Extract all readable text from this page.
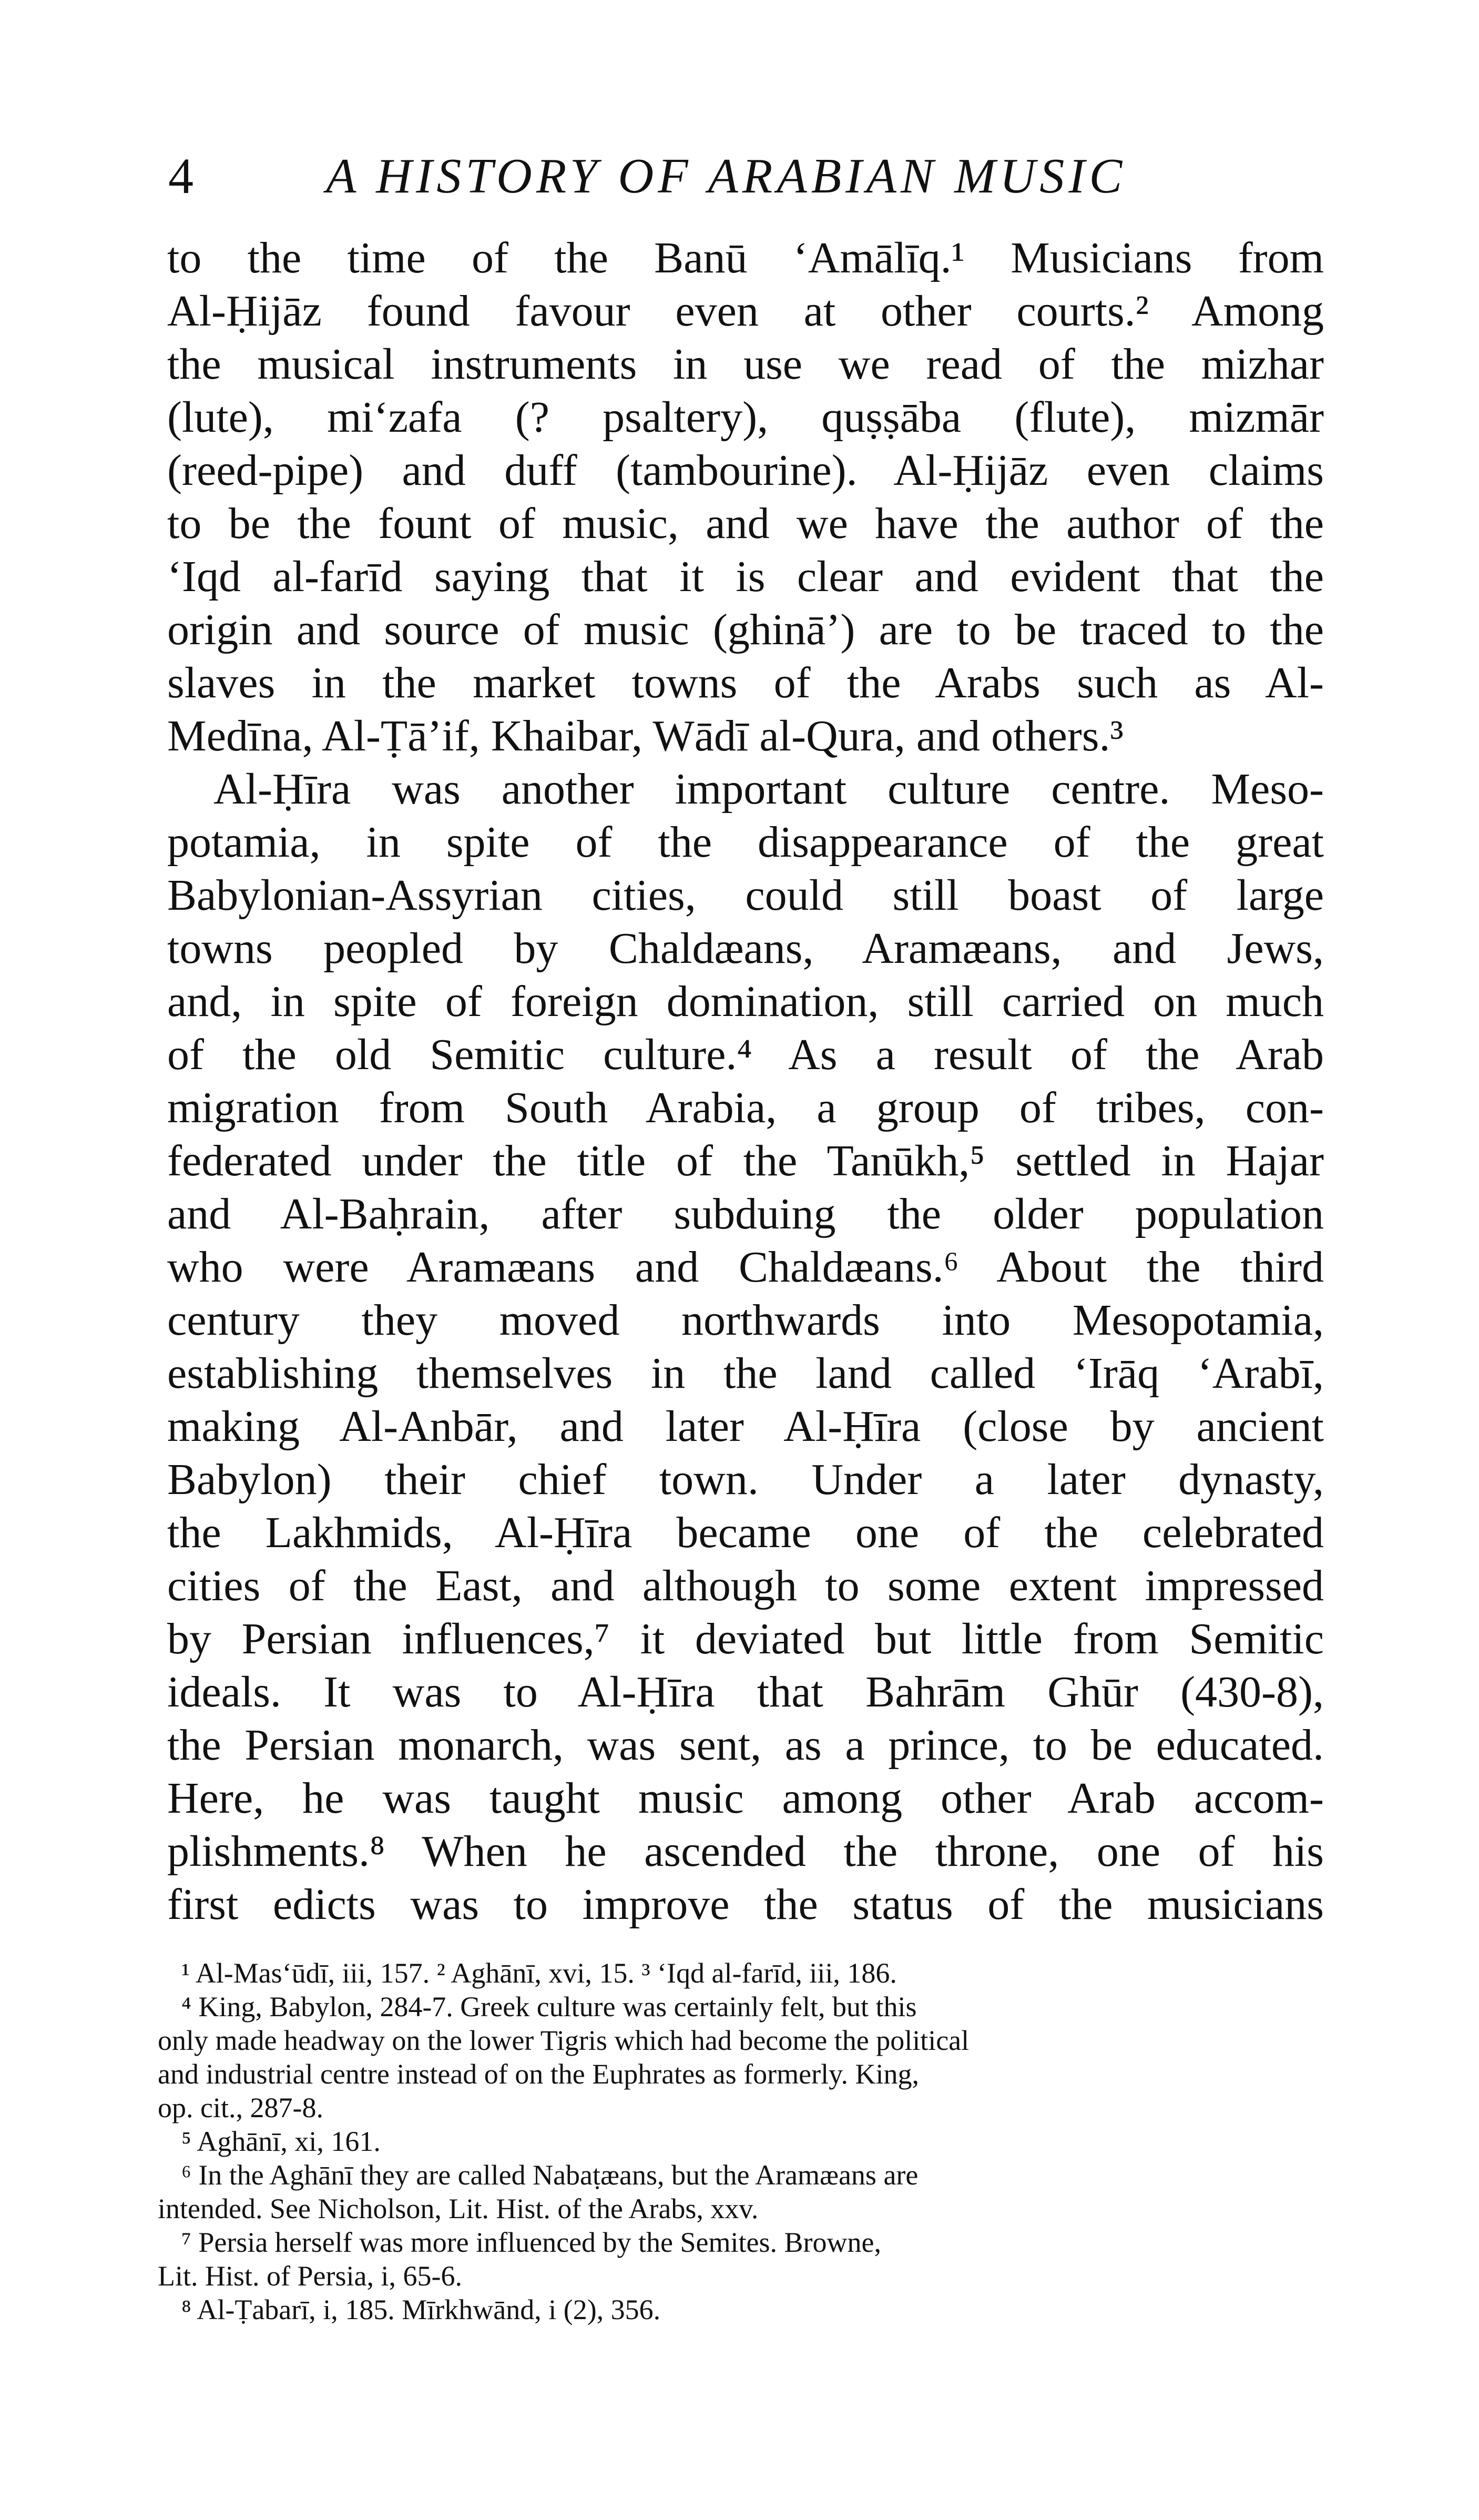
4	A HISTORY OF ARABIAN MUSIC
to the time of the Banū ‘Amālīq.¹ Musicians from
Al-Ḥijāz found favour even at other courts.² Among
the musical instruments in use we read of the mizhar
(lute), mi‘zafa (? psaltery), quṣṣāba (flute), mizmār
(reed-pipe) and duff (tambourine). Al-Ḥijāz even claims
to be the fount of music, and we have the author of the
‘Iqd al-farīd saying that it is clear and evident that the
origin and source of music (ghinā’) are to be traced to the
slaves in the market towns of the Arabs such as Al-
Medīna, Al-Ṭā’if, Khaibar, Wādī al-Qura, and others.³
Al-Ḥīra was another important culture centre. Meso-
potamia, in spite of the disappearance of the great
Babylonian-Assyrian cities, could still boast of large
towns peopled by Chaldæans, Aramæans, and Jews,
and, in spite of foreign domination, still carried on much
of the old Semitic culture.⁴ As a result of the Arab
migration from South Arabia, a group of tribes, con-
federated under the title of the Tanūkh,⁵ settled in Hajar
and Al-Baḥrain, after subduing the older population
who were Aramæans and Chaldæans.⁶ About the third
century they moved northwards into Mesopotamia,
establishing themselves in the land called ‘Irāq ‘Arabī,
making Al-Anbār, and later Al-Ḥīra (close by ancient
Babylon) their chief town. Under a later dynasty,
the Lakhmids, Al-Ḥīra became one of the celebrated
cities of the East, and although to some extent impressed
by Persian influences,⁷ it deviated but little from Semitic
ideals. It was to Al-Ḥīra that Bahrām Ghūr (430-8),
the Persian monarch, was sent, as a prince, to be educated.
Here, he was taught music among other Arab accom-
plishments.⁸ When he ascended the throne, one of his
first edicts was to improve the status of the musicians
¹ Al-Mas‘ūdī, iii, 157. ² Aghānī, xvi, 15. ³ ‘Iqd al-farīd, iii, 186.
⁴ King, Babylon, 284-7. Greek culture was certainly felt, but this
only made headway on the lower Tigris which had become the political
and industrial centre instead of on the Euphrates as formerly. King,
op. cit., 287-8.
⁵ Aghānī, xi, 161.
⁶ In the Aghānī they are called Nabaṭæans, but the Aramæans are
intended. See Nicholson, Lit. Hist. of the Arabs, xxv.
⁷ Persia herself was more influenced by the Semites. Browne,
Lit. Hist. of Persia, i, 65-6.
⁸ Al-Ṭabarī, i, 185. Mīrkhwānd, i (2), 356.
